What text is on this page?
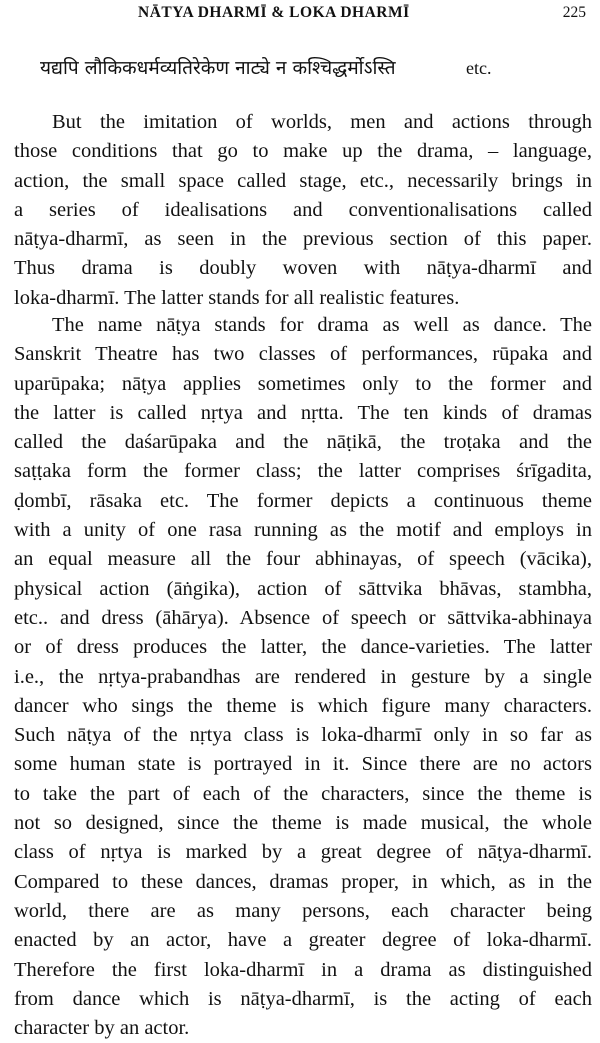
NĀTYA DHARMĪ & LOKA DHARMĪ	225
यद्यपि लौकिकधर्मव्यतिरेकेण नाट्ये न कश्चिद्धर्मोऽस्ति	etc.
But the imitation of worlds, men and actions through
those conditions that go to make up the drama, – language,
action, the small space called stage, etc., necessarily brings in
a series of idealisations and conventionalisations called
nāṭya-dharmī, as seen in the previous section of this paper.
Thus drama is doubly woven with nāṭya-dharmī and
loka-dharmī. The latter stands for all realistic features.
The name nāṭya stands for drama as well as dance. The
Sanskrit Theatre has two classes of performances, rūpaka and
uparūpaka; nāṭya applies sometimes only to the former and
the latter is called nṛtya and nṛtta. The ten kinds of dramas
called the daśarūpaka and the nāṭikā, the troṭaka and the
saṭṭaka form the former class; the latter comprises śrīgadita,
ḍombī, rāsaka etc. The former depicts a continuous theme
with a unity of one rasa running as the motif and employs in
an equal measure all the four abhinayas, of speech (vācika),
physical action (āṅgika), action of sāttvika bhāvas, stambha,
etc.. and dress (āhārya). Absence of speech or sāttvika-abhinaya
or of dress produces the latter, the dance-varieties. The latter
i.e., the nṛtya-prabandhas are rendered in gesture by a single
dancer who sings the theme is which figure many characters.
Such nāṭya of the nṛtya class is loka-dharmī only in so far as
some human state is portrayed in it. Since there are no actors
to take the part of each of the characters, since the theme is
not so designed, since the theme is made musical, the whole
class of nṛtya is marked by a great degree of nāṭya-dharmī.
Compared to these dances, dramas proper, in which, as in the
world, there are as many persons, each character being
enacted by an actor, have a greater degree of loka-dharmī.
Therefore the first loka-dharmī in a drama as distinguished
from dance which is nāṭya-dharmī, is the acting of each
character by an actor.
